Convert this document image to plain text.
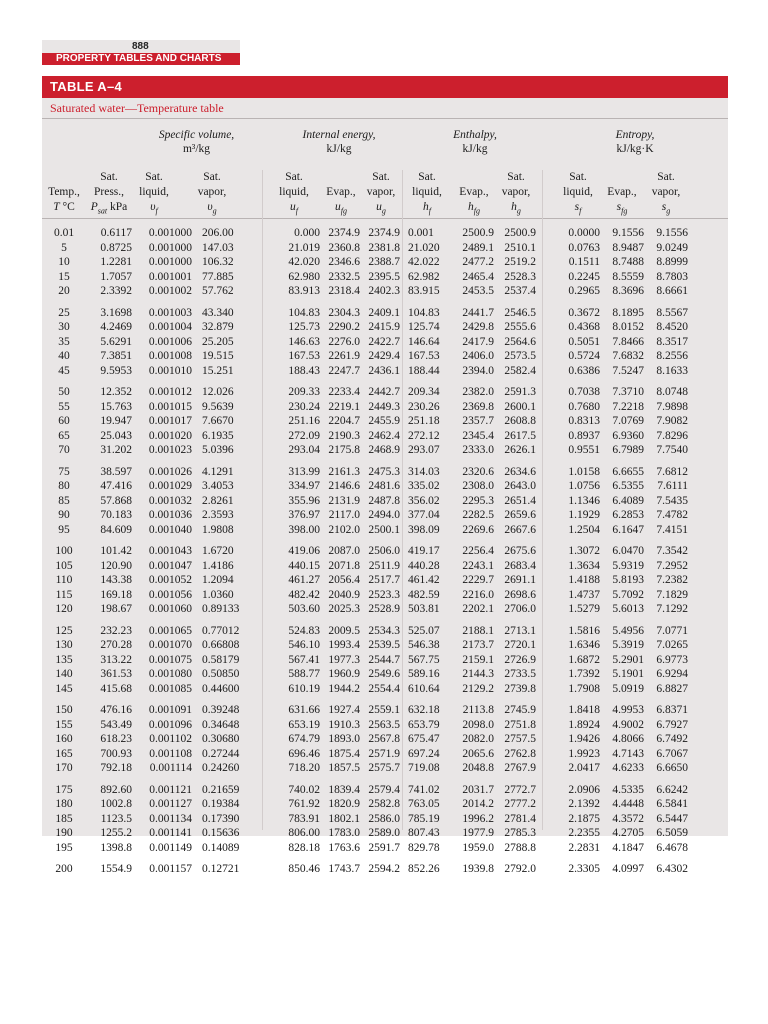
888
PROPERTY TABLES AND CHARTS
TABLE A–4
Saturated water—Temperature table
Specific volume,
m³/kg
Internal energy,
kJ/kg
Enthalpy,
kJ/kg
Entropy,
kJ/kg·K
Temp.,
T °C
Sat.
Press.,
$P_{sat}$ kPa
Sat.
liquid,
$\upsilon_f$
Sat.
vapor,
$\upsilon_g$
Sat.
liquid,
$u_f$
Evap.,
$u_{fg}$
Sat.
vapor,
$u_g$
Sat.
liquid,
$h_f$
Evap.,
$h_{fg}$
Sat.
vapor,
$h_g$
Sat.
liquid,
$s_f$
Evap.,
$s_{fg}$
Sat.
vapor,
$s_g$
0.01	0.6117	0.001000 206.00	0.000 2374.9 2374.9 0.001	2500.9 2500.9	0.0000	9.1556	9.1556
5	0.8725	0.001000 147.03	21.019 2360.8 2381.8 21.020	2489.1 2510.1	0.0763	8.9487	9.0249
10	1.2281	0.001000 106.32	42.020 2346.6 2388.7 42.022	2477.2 2519.2	0.1511	8.7488	8.8999
15	1.7057	0.001001 77.885	62.980 2332.5 2395.5 62.982	2465.4 2528.3	0.2245	8.5559	8.7803
20	2.3392	0.001002 57.762	83.913 2318.4 2402.3 83.915	2453.5 2537.4	0.2965	8.3696	8.6661
25	3.1698	0.001003 43.340	104.83 2304.3 2409.1 104.83	2441.7 2546.5	0.3672	8.1895	8.5567
30	4.2469	0.001004 32.879	125.73 2290.2 2415.9 125.74	2429.8 2555.6	0.4368	8.0152	8.4520
35	5.6291	0.001006 25.205	146.63 2276.0 2422.7 146.64	2417.9 2564.6	0.5051	7.8466	8.3517
40	7.3851	0.001008 19.515	167.53 2261.9 2429.4 167.53	2406.0 2573.5	0.5724	7.6832	8.2556
45	9.5953	0.001010 15.251	188.43 2247.7 2436.1 188.44	2394.0 2582.4	0.6386	7.5247	8.1633
50	12.352	0.001012 12.026	209.33 2233.4 2442.7 209.34	2382.0 2591.3	0.7038	7.3710	8.0748
55	15.763	0.001015 9.5639	230.24 2219.1 2449.3 230.26	2369.8 2600.1	0.7680	7.2218	7.9898
60	19.947	0.001017 7.6670	251.16 2204.7 2455.9 251.18	2357.7 2608.8	0.8313	7.0769	7.9082
65	25.043	0.001020 6.1935	272.09 2190.3 2462.4 272.12	2345.4 2617.5	0.8937	6.9360	7.8296
70	31.202	0.001023 5.0396	293.04 2175.8 2468.9 293.07	2333.0 2626.1	0.9551	6.7989	7.7540
75	38.597	0.001026 4.1291	313.99 2161.3 2475.3 314.03	2320.6 2634.6	1.0158	6.6655	7.6812
80	47.416	0.001029 3.4053	334.97 2146.6 2481.6 335.02	2308.0 2643.0	1.0756	6.5355	7.6111
85	57.868	0.001032 2.8261	355.96 2131.9 2487.8 356.02	2295.3 2651.4	1.1346	6.4089	7.5435
90	70.183	0.001036 2.3593	376.97 2117.0 2494.0 377.04	2282.5 2659.6	1.1929	6.2853	7.4782
95	84.609	0.001040 1.9808	398.00 2102.0 2500.1 398.09	2269.6 2667.6	1.2504	6.1647	7.4151
100	101.42	0.001043 1.6720	419.06 2087.0 2506.0 419.17	2256.4 2675.6	1.3072	6.0470	7.3542
105	120.90	0.001047 1.4186	440.15 2071.8 2511.9 440.28	2243.1 2683.4	1.3634	5.9319	7.2952
110	143.38	0.001052 1.2094	461.27 2056.4 2517.7 461.42	2229.7 2691.1	1.4188	5.8193	7.2382
115	169.18	0.001056 1.0360	482.42 2040.9 2523.3 482.59	2216.0 2698.6	1.4737	5.7092	7.1829
120	198.67	0.001060 0.89133	503.60 2025.3 2528.9 503.81	2202.1 2706.0	1.5279	5.6013	7.1292
125	232.23	0.001065 0.77012	524.83 2009.5 2534.3 525.07	2188.1 2713.1	1.5816	5.4956	7.0771
130	270.28	0.001070 0.66808	546.10 1993.4 2539.5 546.38	2173.7 2720.1	1.6346	5.3919	7.0265
135	313.22	0.001075 0.58179	567.41 1977.3 2544.7 567.75	2159.1 2726.9	1.6872	5.2901	6.9773
140	361.53	0.001080 0.50850	588.77 1960.9 2549.6 589.16	2144.3 2733.5	1.7392	5.1901	6.9294
145	415.68	0.001085 0.44600	610.19 1944.2 2554.4 610.64	2129.2 2739.8	1.7908	5.0919	6.8827
150	476.16	0.001091 0.39248	631.66 1927.4 2559.1 632.18	2113.8 2745.9	1.8418	4.9953	6.8371
155	543.49	0.001096 0.34648	653.19 1910.3 2563.5 653.79	2098.0 2751.8	1.8924	4.9002	6.7927
160	618.23	0.001102 0.30680	674.79 1893.0 2567.8 675.47	2082.0 2757.5	1.9426	4.8066	6.7492
165	700.93	0.001108 0.27244	696.46 1875.4 2571.9 697.24	2065.6 2762.8	1.9923	4.7143	6.7067
170	792.18	0.001114 0.24260	718.20 1857.5 2575.7 719.08	2048.8 2767.9	2.0417	4.6233	6.6650
175	892.60	0.001121 0.21659	740.02 1839.4 2579.4 741.02	2031.7 2772.7	2.0906	4.5335	6.6242
180	1002.8	0.001127 0.19384	761.92 1820.9 2582.8 763.05	2014.2 2777.2	2.1392	4.4448	6.5841
185	1123.5	0.001134 0.17390	783.91 1802.1 2586.0 785.19	1996.2 2781.4	2.1875	4.3572	6.5447
190	1255.2	0.001141 0.15636	806.00 1783.0 2589.0 807.43	1977.9 2785.3	2.2355	4.2705	6.5059
195	1398.8	0.001149 0.14089	828.18 1763.6 2591.7 829.78	1959.0 2788.8	2.2831	4.1847	6.4678
200	1554.9	0.001157 0.12721	850.46 1743.7 2594.2 852.26	1939.8 2792.0	2.3305	4.0997	6.4302
